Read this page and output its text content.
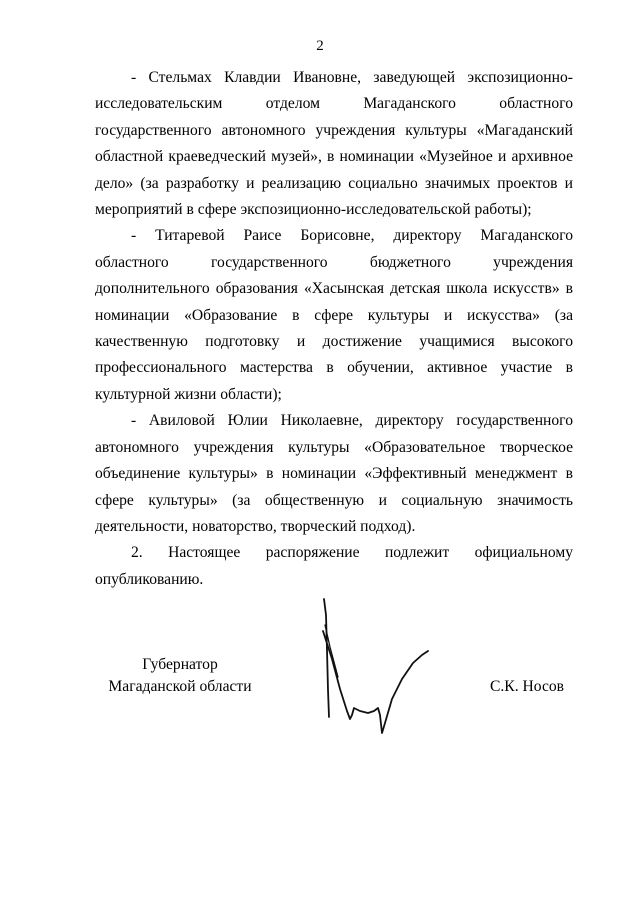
2

- Стельмах Клавдии Ивановне, заведующей экспозиционно-исследовательским отделом Магаданского областного государственного автономного учреждения культуры «Магаданский областной краеведческий музей», в номинации «Музейное и архивное дело» (за разработку и реализацию социально значимых проектов и мероприятий в сфере экспозиционно-исследовательской работы);

- Титаревой Раисе Борисовне, директору Магаданского областного государственного бюджетного учреждения дополнительного образования «Хасынская детская школа искусств» в номинации «Образование в сфере культуры и искусства» (за качественную подготовку и достижение учащимися высокого профессионального мастерства в обучении, активное участие в культурной жизни области);

- Авиловой Юлии Николаевне, директору государственного автономного учреждения культуры «Образовательное творческое объединение культуры» в номинации «Эффективный менеджмент в сфере культуры» (за общественную и социальную значимость деятельности, новаторство, творческий подход).

2. Настоящее распоряжение подлежит официальному опубликованию.

Губернатор
Магаданской области	С.К. Носов
